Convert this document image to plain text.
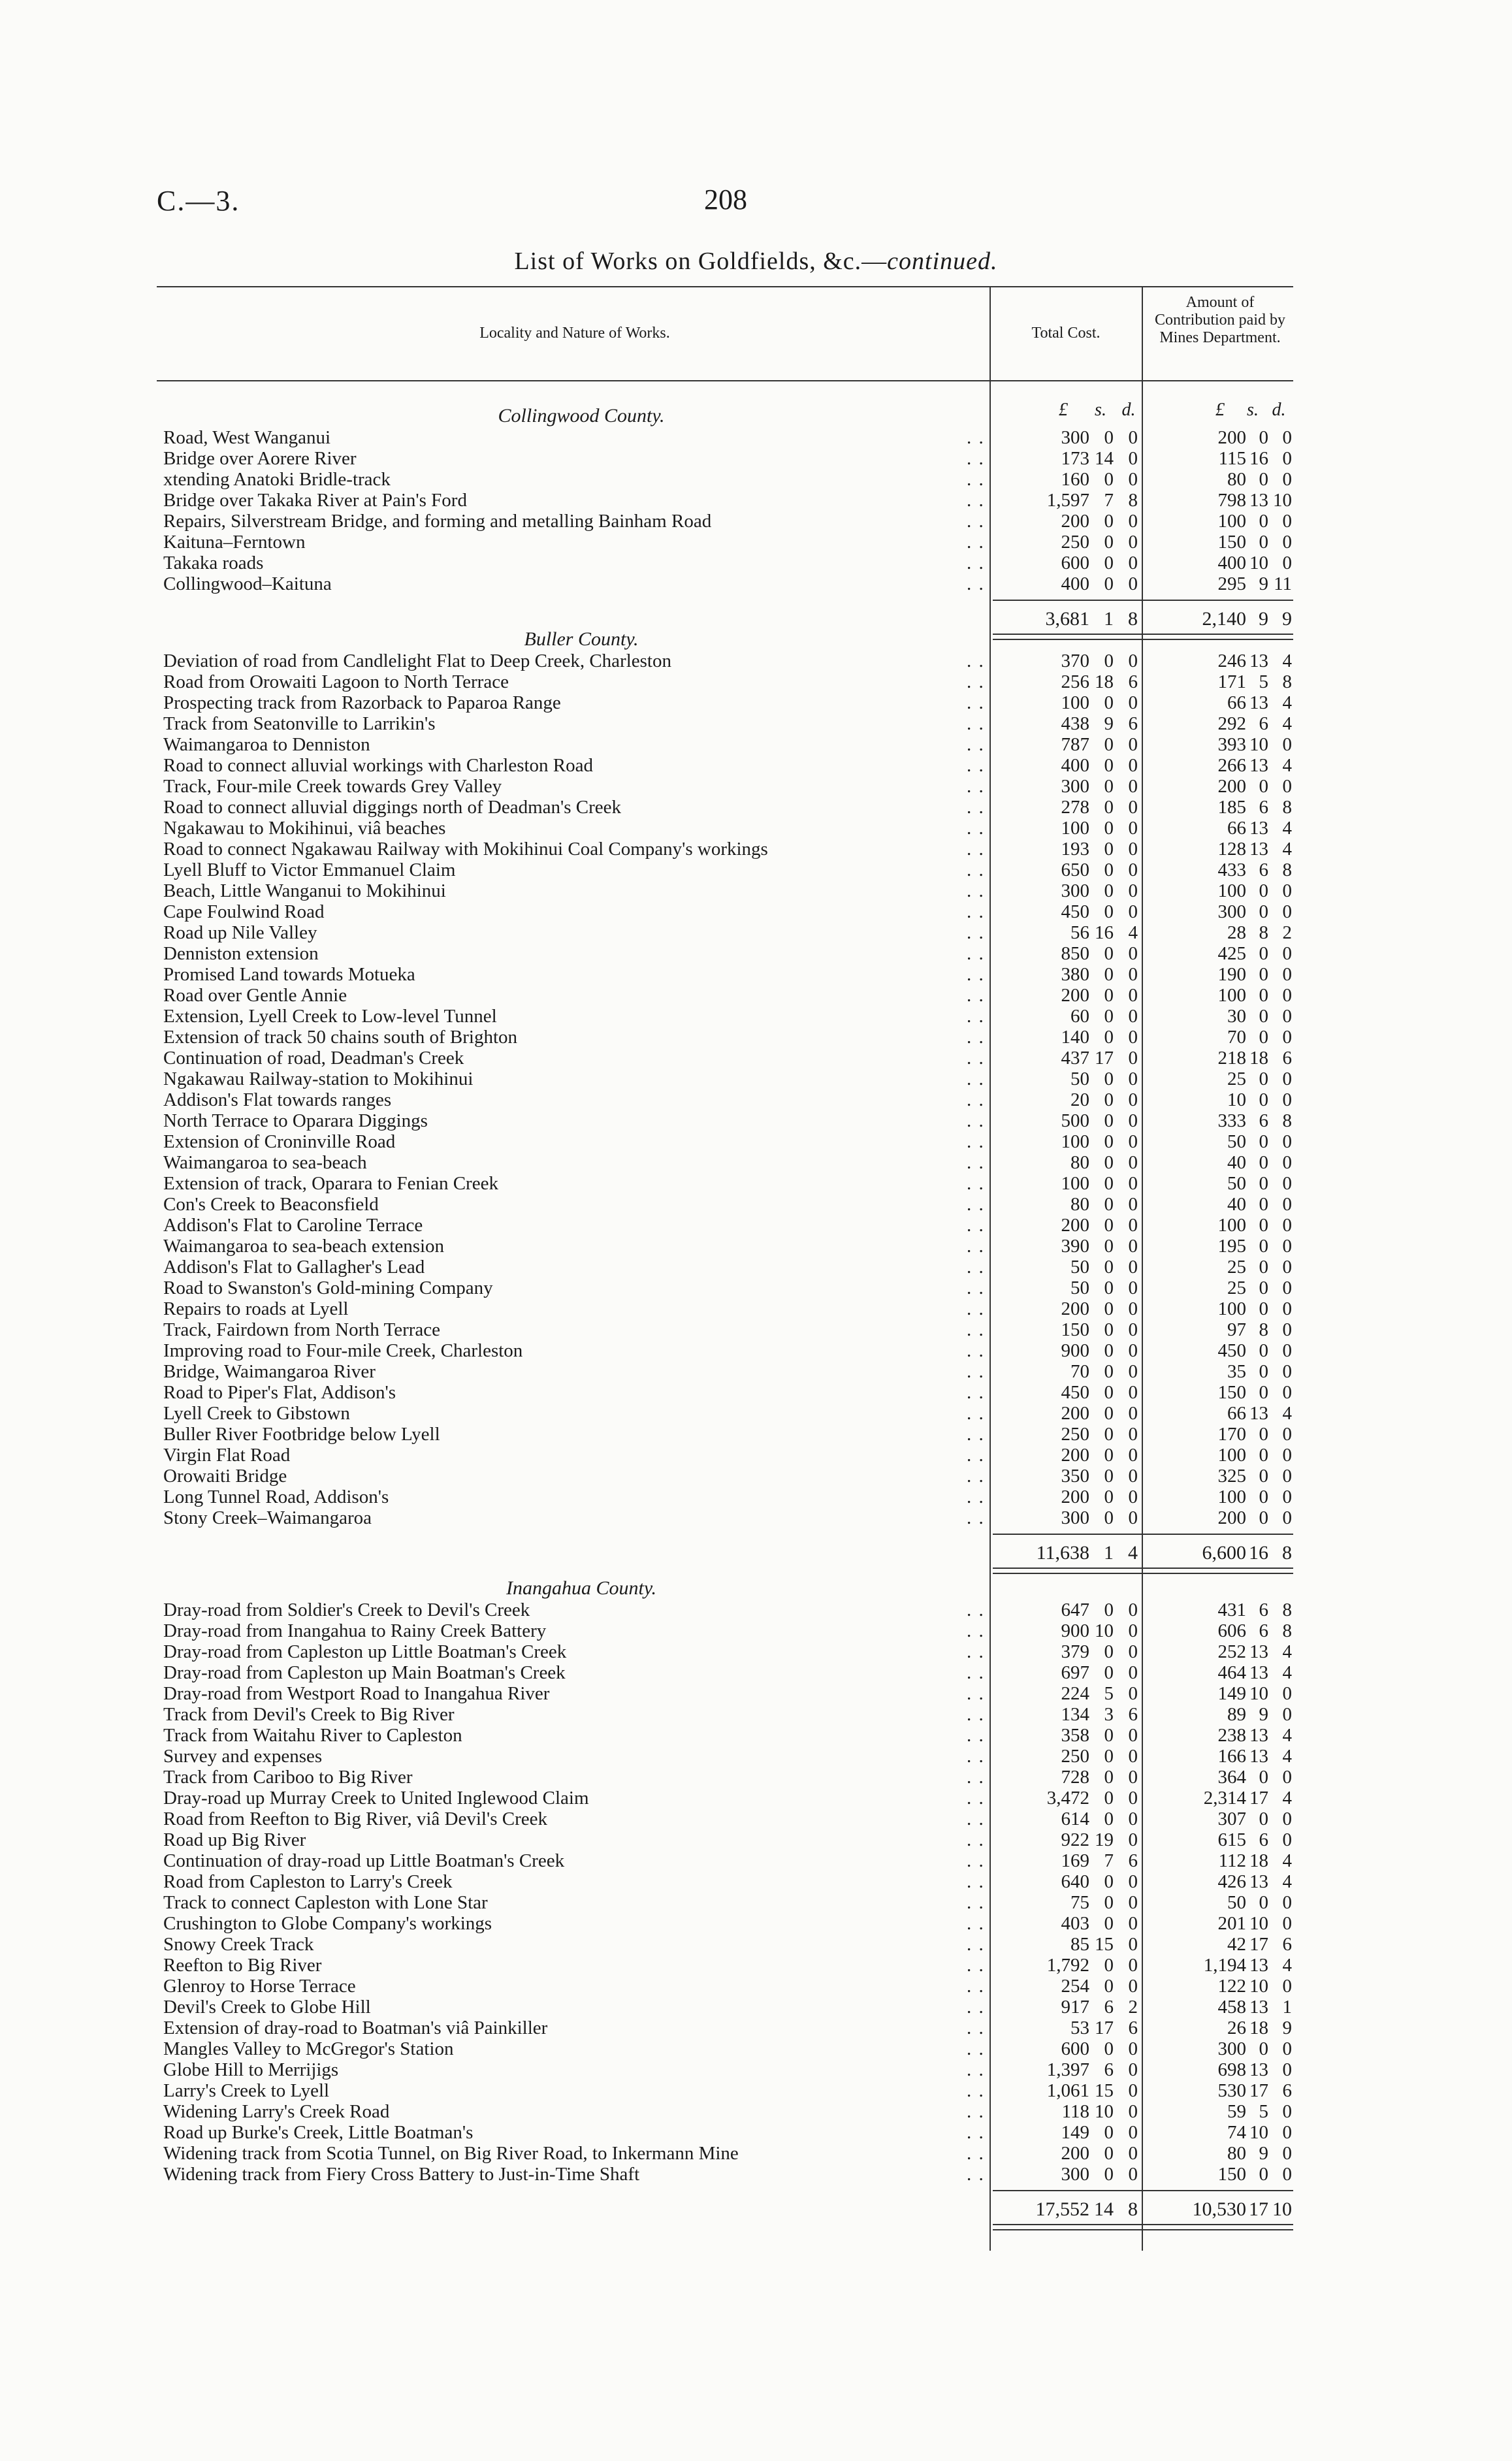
C.—3.	208
List of Works on Goldfields, &c.—continued.
Locality and Nature of Works.	Total Cost.
Amount of Contribution paid by Mines Department.
£ s. d.	£ s. d.
Collingwood County.
Road, West Wanganui	. .	300 0 0	200 0 0
Bridge over Aorere River	. .	173 14 0	115 16 0
xtending Anatoki Bridle-track	. .	160 0 0	80 0 0
Bridge over Takaka River at Pain's Ford	. .	1,597 7 8	798 13 10
Repairs, Silverstream Bridge, and forming and metalling Bainham Road	. .	200 0 0	100 0 0
Kaituna–Ferntown	. .	250 0 0	150 0 0
Takaka roads	. .	600 0 0	400 10 0
Collingwood–Kaituna	. .	400 0 0	295 9 11
3,681 1 8	2,140 9 9
Buller County.
Deviation of road from Candlelight Flat to Deep Creek, Charleston	. .	370 0 0	246 13 4
Road from Orowaiti Lagoon to North Terrace	. .	256 18 6	171 5 8
Prospecting track from Razorback to Paparoa Range	. .	100 0 0	66 13 4
Track from Seatonville to Larrikin's	. .	438 9 6	292 6 4
Waimangaroa to Denniston	. .	787 0 0	393 10 0
Road to connect alluvial workings with Charleston Road	. .	400 0 0	266 13 4
Track, Four-mile Creek towards Grey Valley	. .	300 0 0	200 0 0
Road to connect alluvial diggings north of Deadman's Creek	. .	278 0 0	185 6 8
Ngakawau to Mokihinui, viâ beaches	. .	100 0 0	66 13 4
Road to connect Ngakawau Railway with Mokihinui Coal Company's workings	. .	193 0 0	128 13 4
Lyell Bluff to Victor Emmanuel Claim	. .	650 0 0	433 6 8
Beach, Little Wanganui to Mokihinui	. .	300 0 0	100 0 0
Cape Foulwind Road	. .	450 0 0	300 0 0
Road up Nile Valley	. .	56 16 4	28 8 2
Denniston extension	. .	850 0 0	425 0 0
Promised Land towards Motueka	. .	380 0 0	190 0 0
Road over Gentle Annie	. .	200 0 0	100 0 0
Extension, Lyell Creek to Low-level Tunnel	. .	60 0 0	30 0 0
Extension of track 50 chains south of Brighton	. .	140 0 0	70 0 0
Continuation of road, Deadman's Creek	. .	437 17 0	218 18 6
Ngakawau Railway-station to Mokihinui	. .	50 0 0	25 0 0
Addison's Flat towards ranges	. .	20 0 0	10 0 0
North Terrace to Oparara Diggings	. .	500 0 0	333 6 8
Extension of Croninville Road	. .	100 0 0	50 0 0
Waimangaroa to sea-beach	. .	80 0 0	40 0 0
Extension of track, Oparara to Fenian Creek	. .	100 0 0	50 0 0
Con's Creek to Beaconsfield	. .	80 0 0	40 0 0
Addison's Flat to Caroline Terrace	. .	200 0 0	100 0 0
Waimangaroa to sea-beach extension	. .	390 0 0	195 0 0
Addison's Flat to Gallagher's Lead	. .	50 0 0	25 0 0
Road to Swanston's Gold-mining Company	. .	50 0 0	25 0 0
Repairs to roads at Lyell	. .	200 0 0	100 0 0
Track, Fairdown from North Terrace	. .	150 0 0	97 8 0
Improving road to Four-mile Creek, Charleston	. .	900 0 0	450 0 0
Bridge, Waimangaroa River	. .	70 0 0	35 0 0
Road to Piper's Flat, Addison's	. .	450 0 0	150 0 0
Lyell Creek to Gibstown	. .	200 0 0	66 13 4
Buller River Footbridge below Lyell	. .	250 0 0	170 0 0
Virgin Flat Road	. .	200 0 0	100 0 0
Orowaiti Bridge	. .	350 0 0	325 0 0
Long Tunnel Road, Addison's	. .	200 0 0	100 0 0
Stony Creek–Waimangaroa	. .	300 0 0	200 0 0
11,638 1 4	6,600 16 8
Inangahua County.
Dray-road from Soldier's Creek to Devil's Creek	. .	647 0 0	431 6 8
Dray-road from Inangahua to Rainy Creek Battery	. .	900 10 0	606 6 8
Dray-road from Capleston up Little Boatman's Creek	. .	379 0 0	252 13 4
Dray-road from Capleston up Main Boatman's Creek	. .	697 0 0	464 13 4
Dray-road from Westport Road to Inangahua River	. .	224 5 0	149 10 0
Track from Devil's Creek to Big River	. .	134 3 6	89 9 0
Track from Waitahu River to Capleston	. .	358 0 0	238 13 4
Survey and expenses	. .	250 0 0	166 13 4
Track from Cariboo to Big River	. .	728 0 0	364 0 0
Dray-road up Murray Creek to United Inglewood Claim	. .	3,472 0 0	2,314 17 4
Road from Reefton to Big River, viâ Devil's Creek	. .	614 0 0	307 0 0
Road up Big River	. .	922 19 0	615 6 0
Continuation of dray-road up Little Boatman's Creek	. .	169 7 6	112 18 4
Road from Capleston to Larry's Creek	. .	640 0 0	426 13 4
Track to connect Capleston with Lone Star	. .	75 0 0	50 0 0
Crushington to Globe Company's workings	. .	403 0 0	201 10 0
Snowy Creek Track	. .	85 15 0	42 17 6
Reefton to Big River	. .	1,792 0 0	1,194 13 4
Glenroy to Horse Terrace	. .	254 0 0	122 10 0
Devil's Creek to Globe Hill	. .	917 6 2	458 13 1
Extension of dray-road to Boatman's viâ Painkiller	. .	53 17 6	26 18 9
Mangles Valley to McGregor's Station	. .	600 0 0	300 0 0
Globe Hill to Merrijigs	. .	1,397 6 0	698 13 0
Larry's Creek to Lyell	. .	1,061 15 0	530 17 6
Widening Larry's Creek Road	. .	118 10 0	59 5 0
Road up Burke's Creek, Little Boatman's	. .	149 0 0	74 10 0
Widening track from Scotia Tunnel, on Big River Road, to Inkermann Mine	. .	200 0 0	80 9 0
Widening track from Fiery Cross Battery to Just-in-Time Shaft	. .	300 0 0	150 0 0
17,552 14 8	10,530 17 10
